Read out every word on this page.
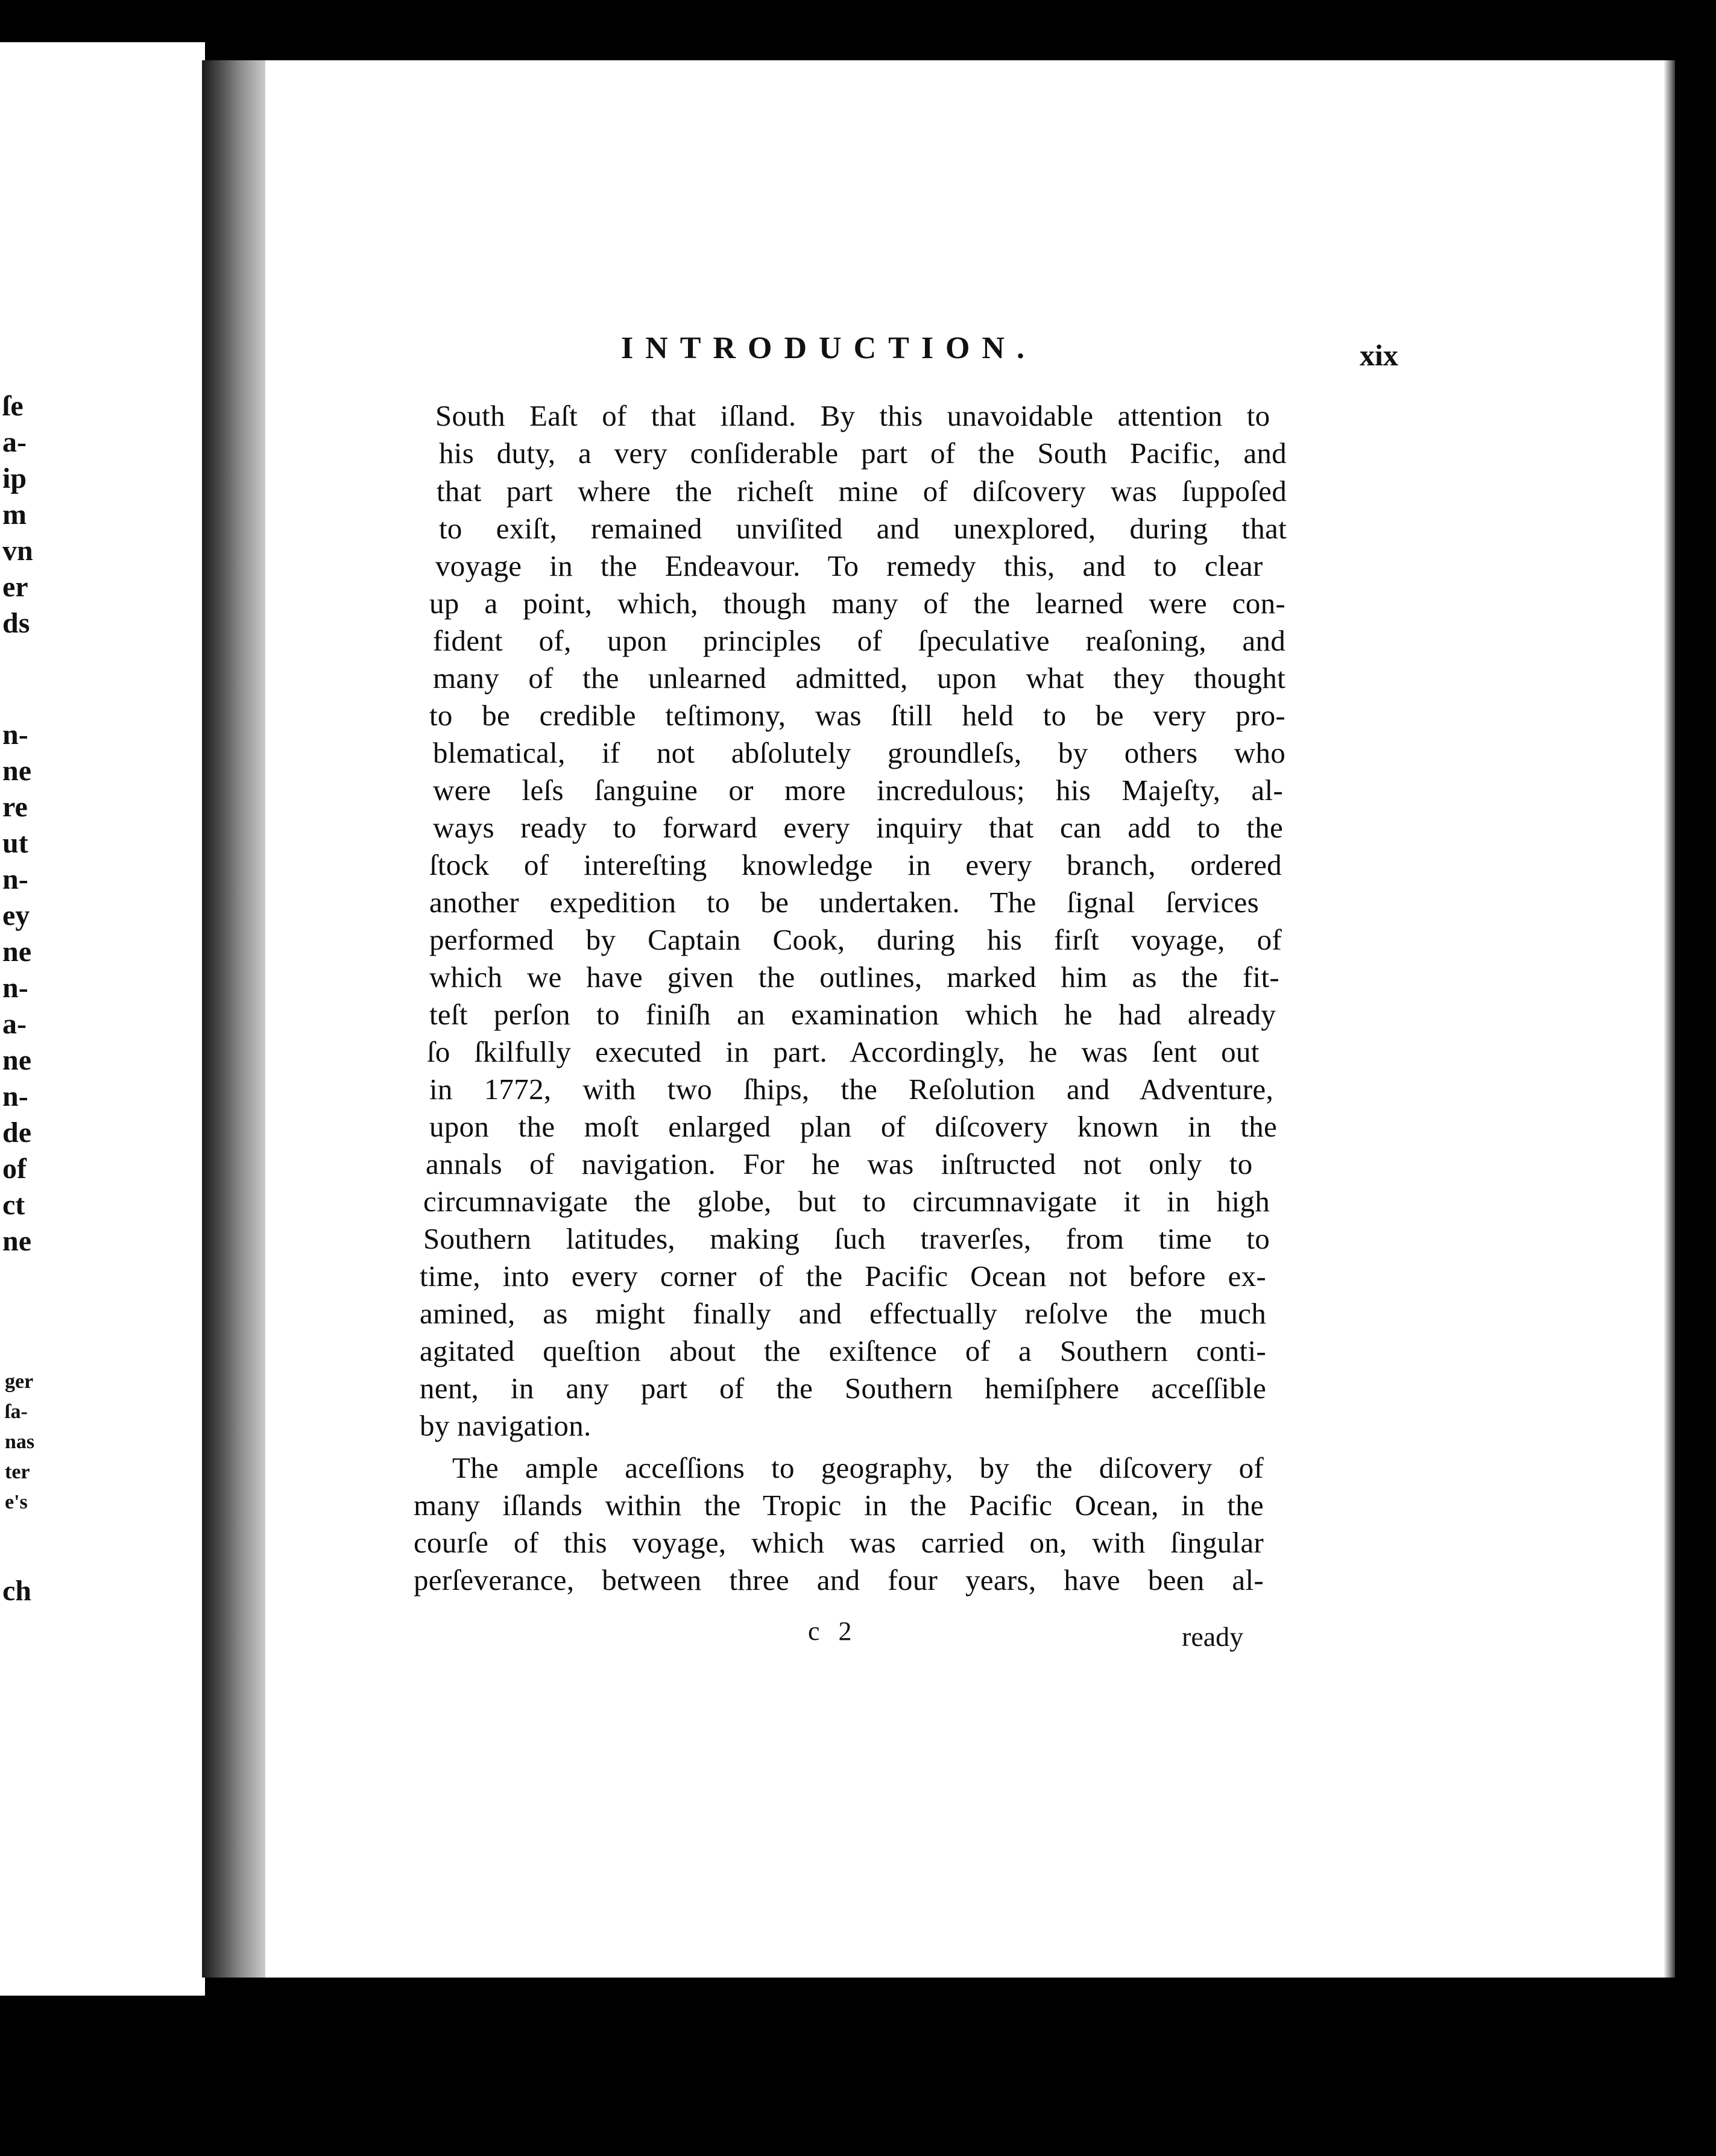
ſe
a-
ip
m
vn
er
ds
n-
ne
re
ut
n-
ey
ne
n-
a-
ne
n-
de
of
ct
ne
ger
ſa-
nas
ter
e's
ch
INTRODUCTION.	xix
South Eaſt of that iſland. By this unavoidable attention to
his duty, a very conſiderable part of the South Pacific, and
that part where the richeſt mine of diſcovery was ſuppoſed
to exiſt, remained unviſited and unexplored, during that
voyage in the Endeavour. To remedy this, and to clear
up a point, which, though many of the learned were con-
fident of, upon principles of ſpeculative reaſoning, and
many of the unlearned admitted, upon what they thought
to be credible teſtimony, was ſtill held to be very pro-
blematical, if not abſolutely groundleſs, by others who
were leſs ſanguine or more incredulous; his Majeſty, al-
ways ready to forward every inquiry that can add to the
ſtock of intereſting knowledge in every branch, ordered
another expedition to be undertaken. The ſignal ſervices
performed by Captain Cook, during his firſt voyage, of
which we have given the outlines, marked him as the fit-
teſt perſon to finiſh an examination which he had already
ſo ſkilfully executed in part. Accordingly, he was ſent out
in 1772, with two ſhips, the Reſolution and Adventure,
upon the moſt enlarged plan of diſcovery known in the
annals of navigation. For he was inſtructed not only to
circumnavigate the globe, but to circumnavigate it in high
Southern latitudes, making ſuch traverſes, from time to
time, into every corner of the Pacific Ocean not before ex-
amined, as might finally and effectually reſolve the much
agitated queſtion about the exiſtence of a Southern conti-
nent, in any part of the Southern hemiſphere acceſſible
by navigation.
The ample acceſſions to geography, by the diſcovery of
many iſlands within the Tropic in the Pacific Ocean, in the
courſe of this voyage, which was carried on, with ſingular
perſeverance, between three and four years, have been al-
c 2	ready
